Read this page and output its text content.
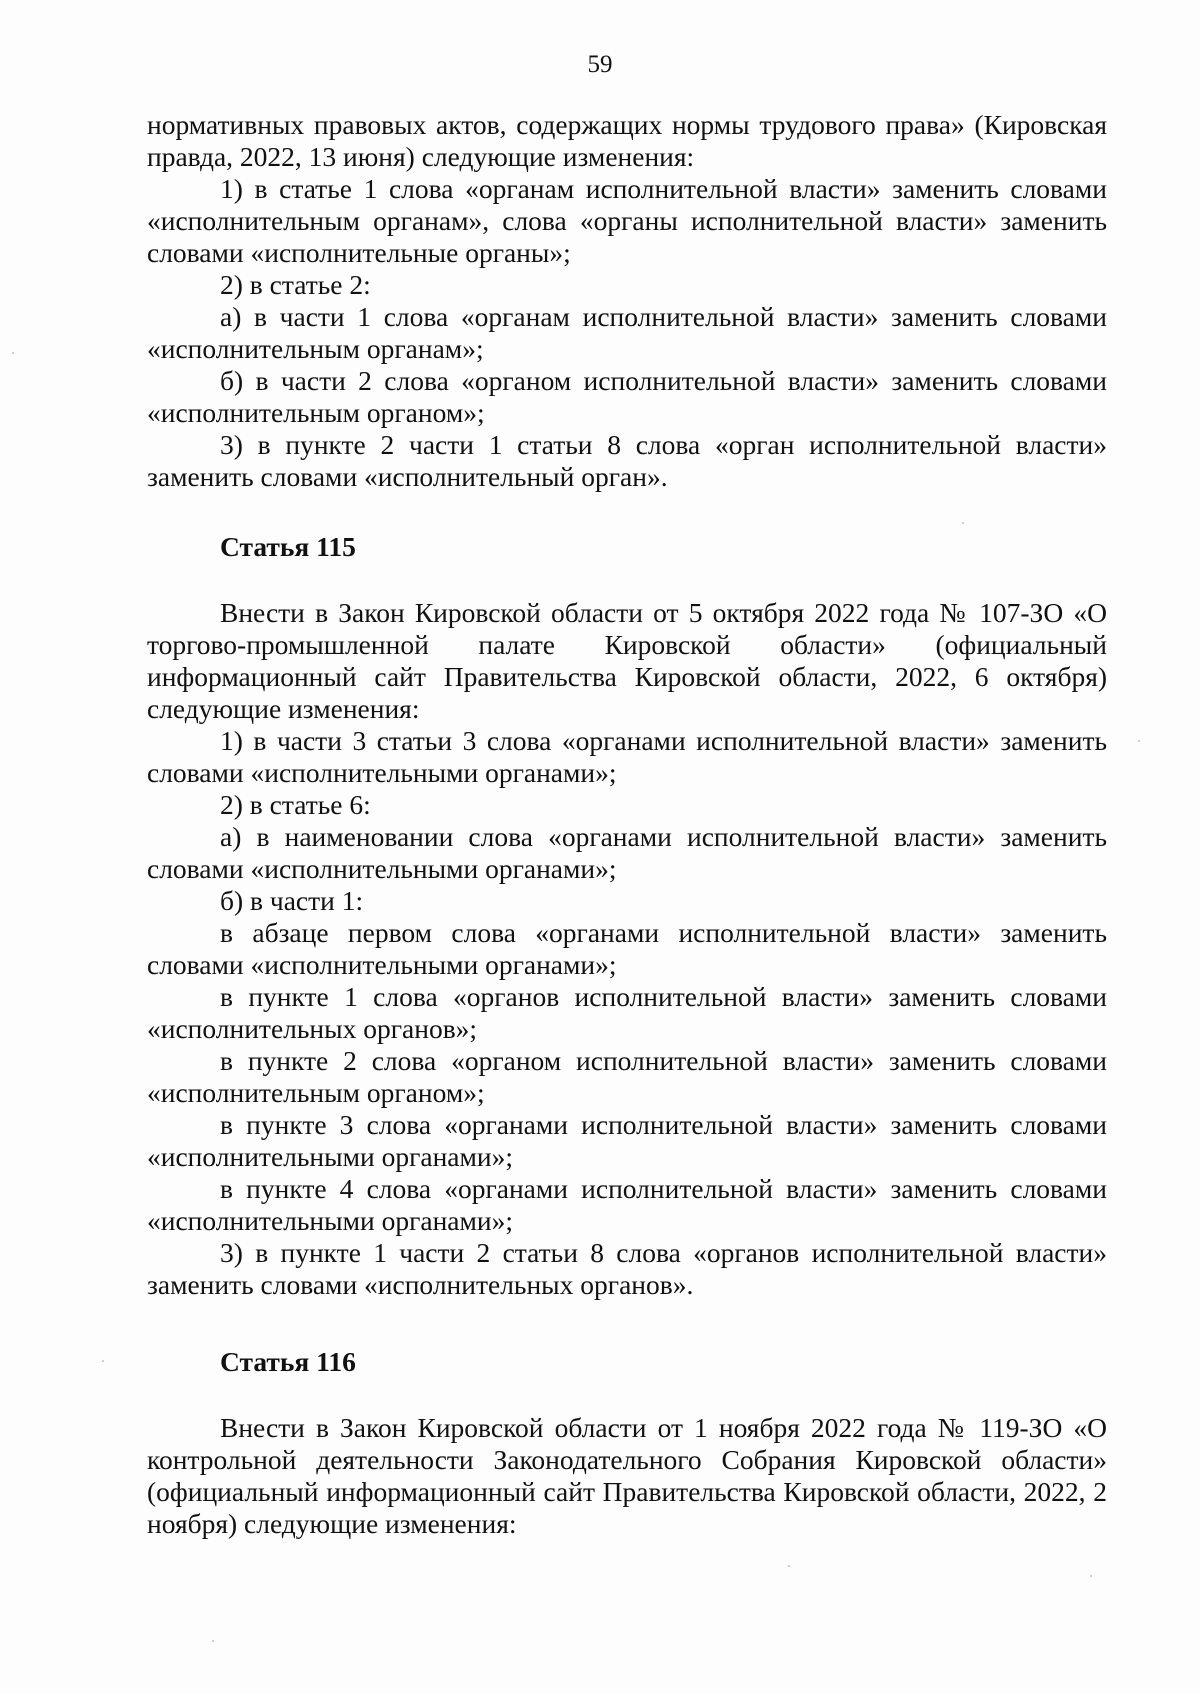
59

нормативных правовых актов, содержащих нормы трудового права» (Кировская правда, 2022, 13 июня) следующие изменения:

1) в статье 1 слова «органам исполнительной власти» заменить словами «исполнительным органам», слова «органы исполнительной власти» заменить словами «исполнительные органы»;

2) в статье 2:

а) в части 1 слова «органам исполнительной власти» заменить словами «исполнительным органам»;

б) в части 2 слова «органом исполнительной власти» заменить словами «исполнительным органом»;

3) в пункте 2 части 1 статьи 8 слова «орган исполнительной власти» заменить словами «исполнительный орган».

Статья 115

Внести в Закон Кировской области от 5 октября 2022 года № 107-ЗО «О торгово-промышленной палате Кировской области» (официальный информационный сайт Правительства Кировской области, 2022, 6 октября) следующие изменения:

1) в части 3 статьи 3 слова «органами исполнительной власти» заменить словами «исполнительными органами»;

2) в статье 6:

а) в наименовании слова «органами исполнительной власти» заменить словами «исполнительными органами»;

б) в части 1:

в абзаце первом слова «органами исполнительной власти» заменить словами «исполнительными органами»;

в пункте 1 слова «органов исполнительной власти» заменить словами «исполнительных органов»;

в пункте 2 слова «органом исполнительной власти» заменить словами «исполнительным органом»;

в пункте 3 слова «органами исполнительной власти» заменить словами «исполнительными органами»;

в пункте 4 слова «органами исполнительной власти» заменить словами «исполнительными органами»;

3) в пункте 1 части 2 статьи 8 слова «органов исполнительной власти» заменить словами «исполнительных органов».

Статья 116

Внести в Закон Кировской области от 1 ноября 2022 года № 119-ЗО «О контрольной деятельности Законодательного Собрания Кировской области» (официальный информационный сайт Правительства Кировской области, 2022, 2 ноября) следующие изменения:
